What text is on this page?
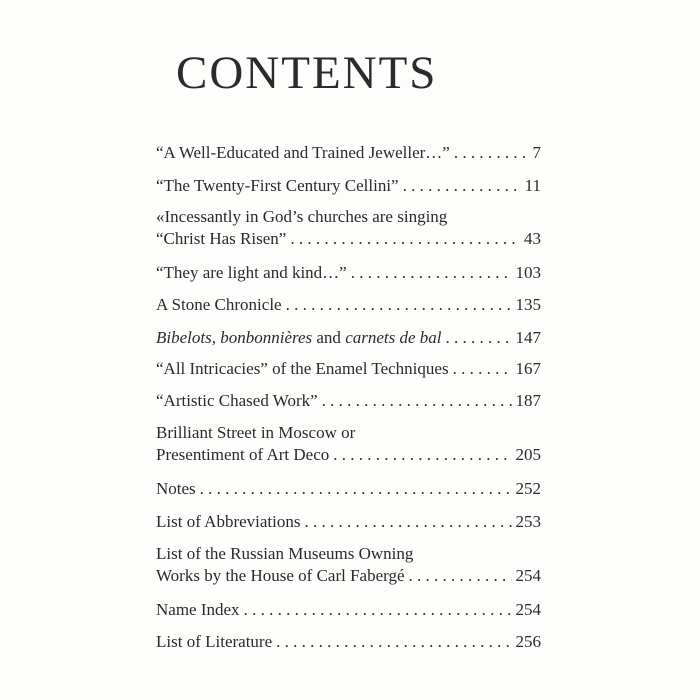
CONTENTS
“A Well-Educated and Trained Jeweller…” . . .	7
“The Twenty-First Century Cellini” . . .	11
«Incessantly in God’s churches are singing
“Christ Has Risen” . . .	43
“They are light and kind…” . . .	103
A Stone Chronicle . . .	135
Bibelots, bonbonnières and carnets de bal . . .	147
“All Intricacies” of the Enamel Techniques . . .	167
“Artistic Chased Work” . . .	187
Brilliant Street in Moscow or
Presentiment of Art Deco . . .	205
Notes . . .	252
List of Abbreviations . . .	253
List of the Russian Museums Owning
Works by the House of Carl Fabergé . . .	254
Name Index . . .	254
List of Literature . . .	256
